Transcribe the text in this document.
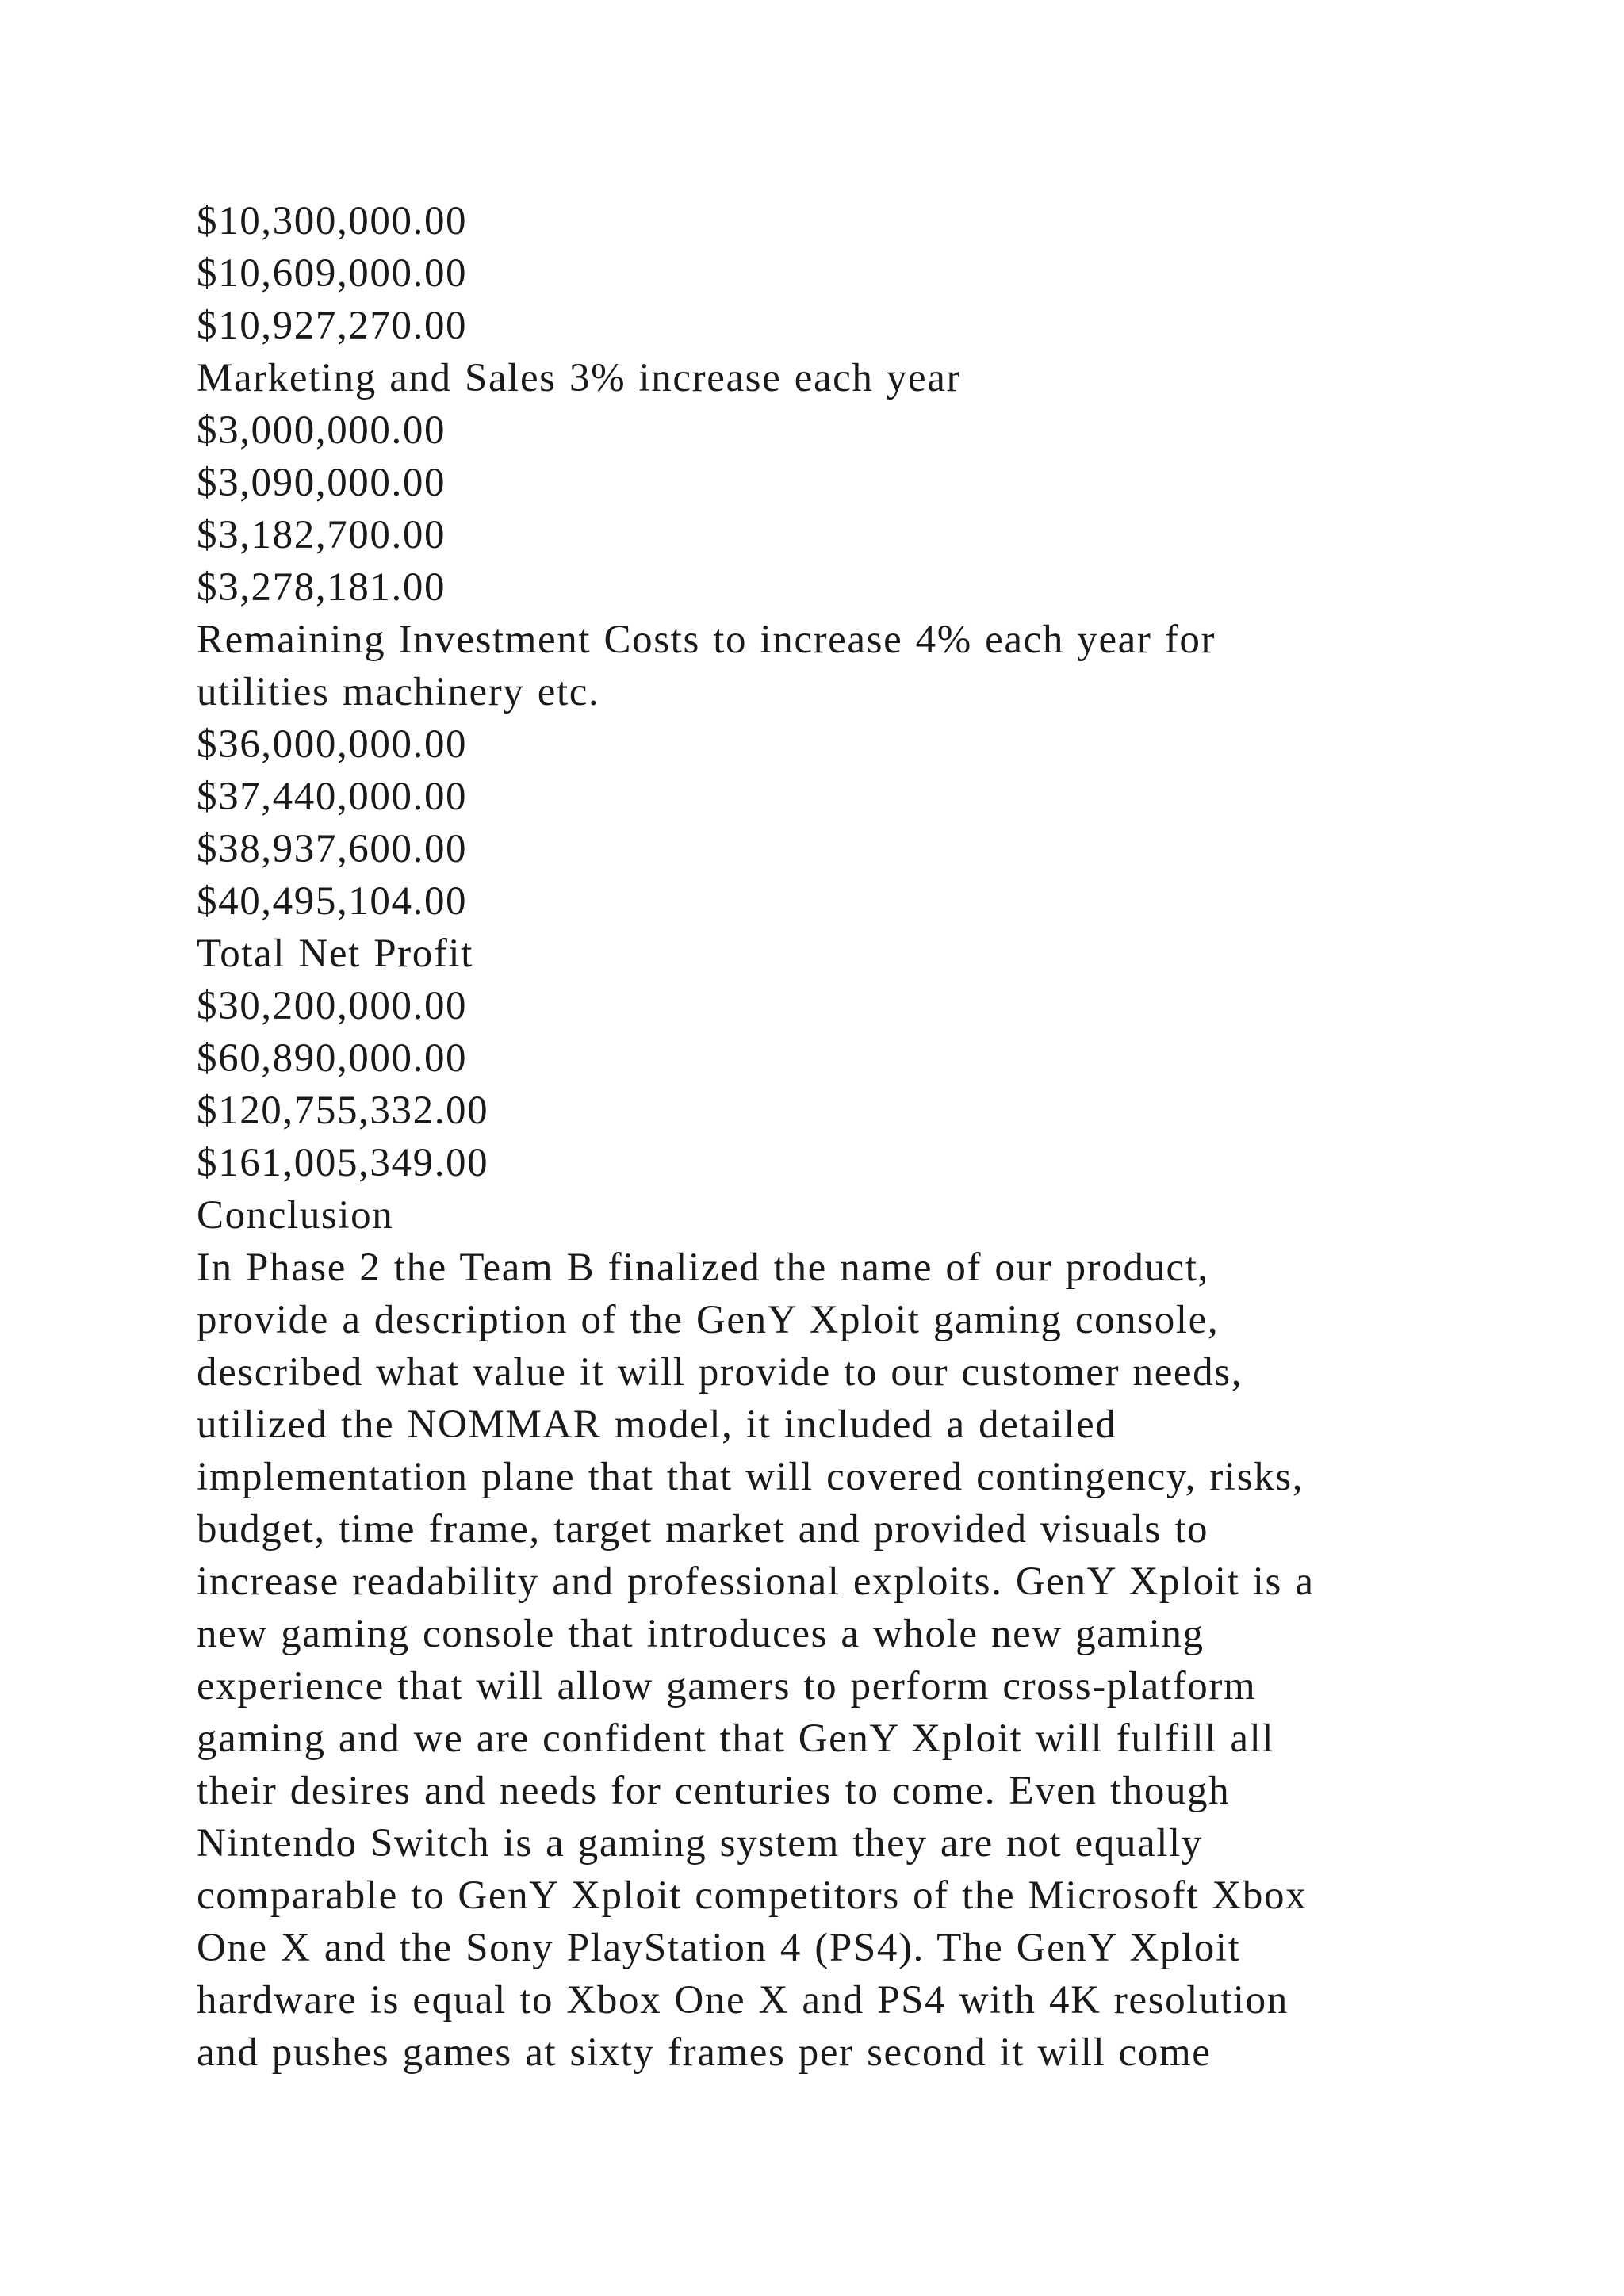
$10,300,000.00
$10,609,000.00
$10,927,270.00
Marketing and Sales 3% increase each year
$3,000,000.00
$3,090,000.00
$3,182,700.00
$3,278,181.00
Remaining Investment Costs to increase 4% each year for
utilities machinery etc.
$36,000,000.00
$37,440,000.00
$38,937,600.00
$40,495,104.00
Total Net Profit
$30,200,000.00
$60,890,000.00
$120,755,332.00
$161,005,349.00
Conclusion
In Phase 2 the Team B finalized the name of our product,
provide a description of the GenY Xploit gaming console,
described what value it will provide to our customer needs,
utilized the NOMMAR model, it included a detailed
implementation plane that that will covered contingency, risks,
budget, time frame, target market and provided visuals to
increase readability and professional exploits. GenY Xploit is a
new gaming console that introduces a whole new gaming
experience that will allow gamers to perform cross-platform
gaming and we are confident that GenY Xploit will fulfill all
their desires and needs for centuries to come. Even though
Nintendo Switch is a gaming system they are not equally
comparable to GenY Xploit competitors of the Microsoft Xbox
One X and the Sony PlayStation 4 (PS4). The GenY Xploit
hardware is equal to Xbox One X and PS4 with 4K resolution
and pushes games at sixty frames per second it will come
